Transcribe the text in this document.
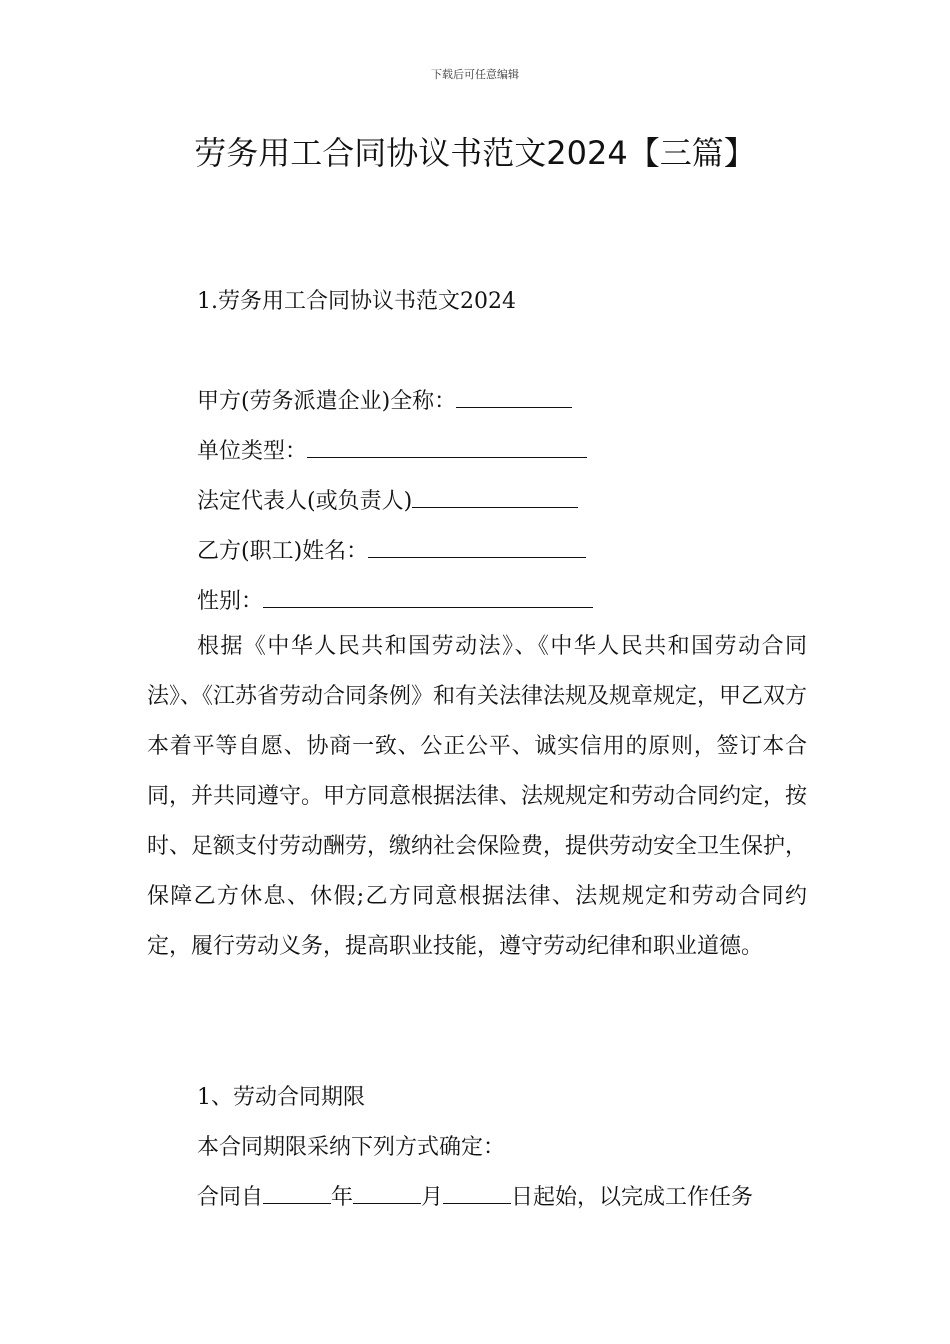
下载后可任意编辑
劳务用工合同协议书范文2024【三篇】
1.劳务用工合同协议书范文2024
甲方(劳务派遣企业)全称：
单位类型：
法定代表人(或负责人)
乙方(职工)姓名：
性别：

根据《中华人民共和国劳动法》、《中华人民共和国劳动合同法》、《江苏省劳动合同条例》和有关法律法规及规章规定，甲乙双方本着平等自愿、协商一致、公正公平、诚实信用的原则，签订本合同，并共同遵守。甲方同意根据法律、法规规定和劳动合同约定，按时、足额支付劳动酬劳，缴纳社会保险费，提供劳动安全卫生保护，保障乙方休息、休假;乙方同意根据法律、法规规定和劳动合同约定，履行劳动义务，提高职业技能，遵守劳动纪律和职业道德。

1、劳动合同期限
本合同期限采纳下列方式确定：
合同自	年	月	日起始，以完成工作任务
